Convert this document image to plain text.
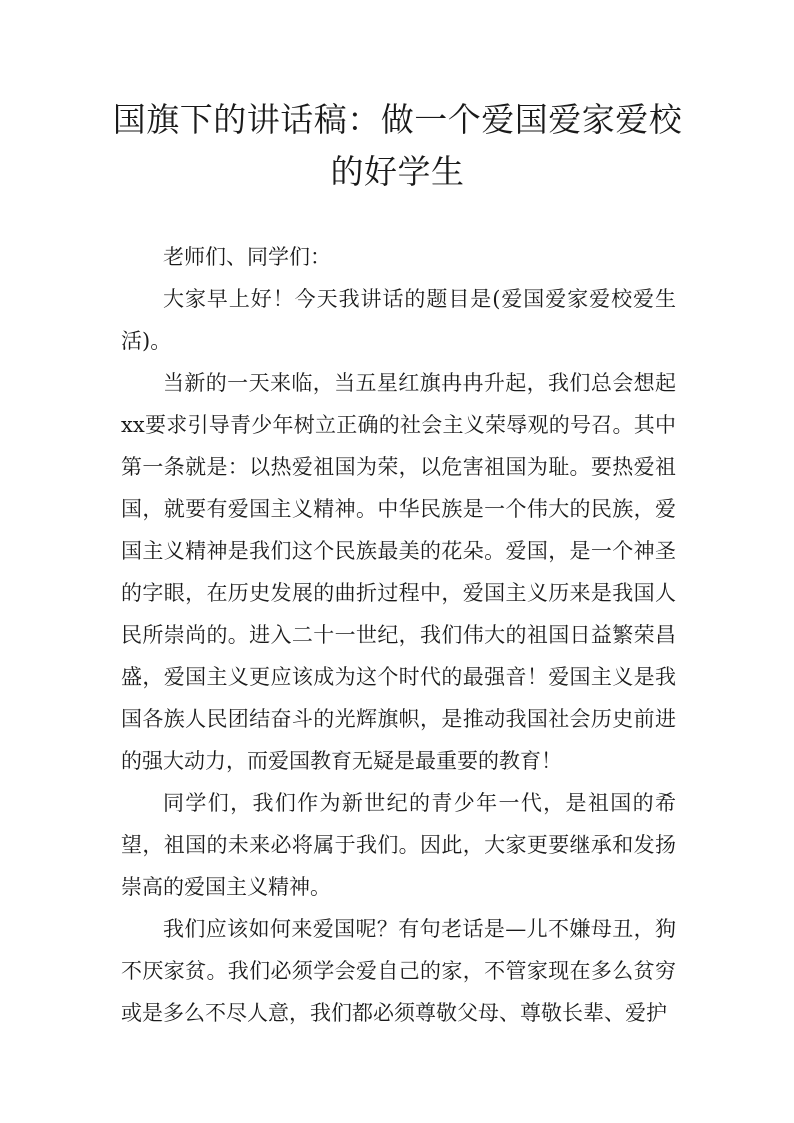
国旗下的讲话稿：做一个爱国爱家爱校的好学生

老师们、同学们：

大家早上好！今天我讲话的题目是(爱国爱家爱校爱生活)。

当新的一天来临，当五星红旗冉冉升起，我们总会想起xx要求引导青少年树立正确的社会主义荣辱观的号召。其中第一条就是：以热爱祖国为荣，以危害祖国为耻。要热爱祖国，就要有爱国主义精神。中华民族是一个伟大的民族，爱国主义精神是我们这个民族最美的花朵。爱国，是一个神圣的字眼，在历史发展的曲折过程中，爱国主义历来是我国人民所崇尚的。进入二十一世纪，我们伟大的祖国日益繁荣昌盛，爱国主义更应该成为这个时代的最强音！爱国主义是我国各族人民团结奋斗的光辉旗帜，是推动我国社会历史前进的强大动力，而爱国教育无疑是最重要的教育！

同学们，我们作为新世纪的青少年一代，是祖国的希望，祖国的未来必将属于我们。因此，大家更要继承和发扬崇高的爱国主义精神。

我们应该如何来爱国呢？有句老话是—儿不嫌母丑，狗不厌家贫。我们必须学会爱自己的家，不管家现在多么贫穷或是多么不尽人意，我们都必须尊敬父母、尊敬长辈、爱护
